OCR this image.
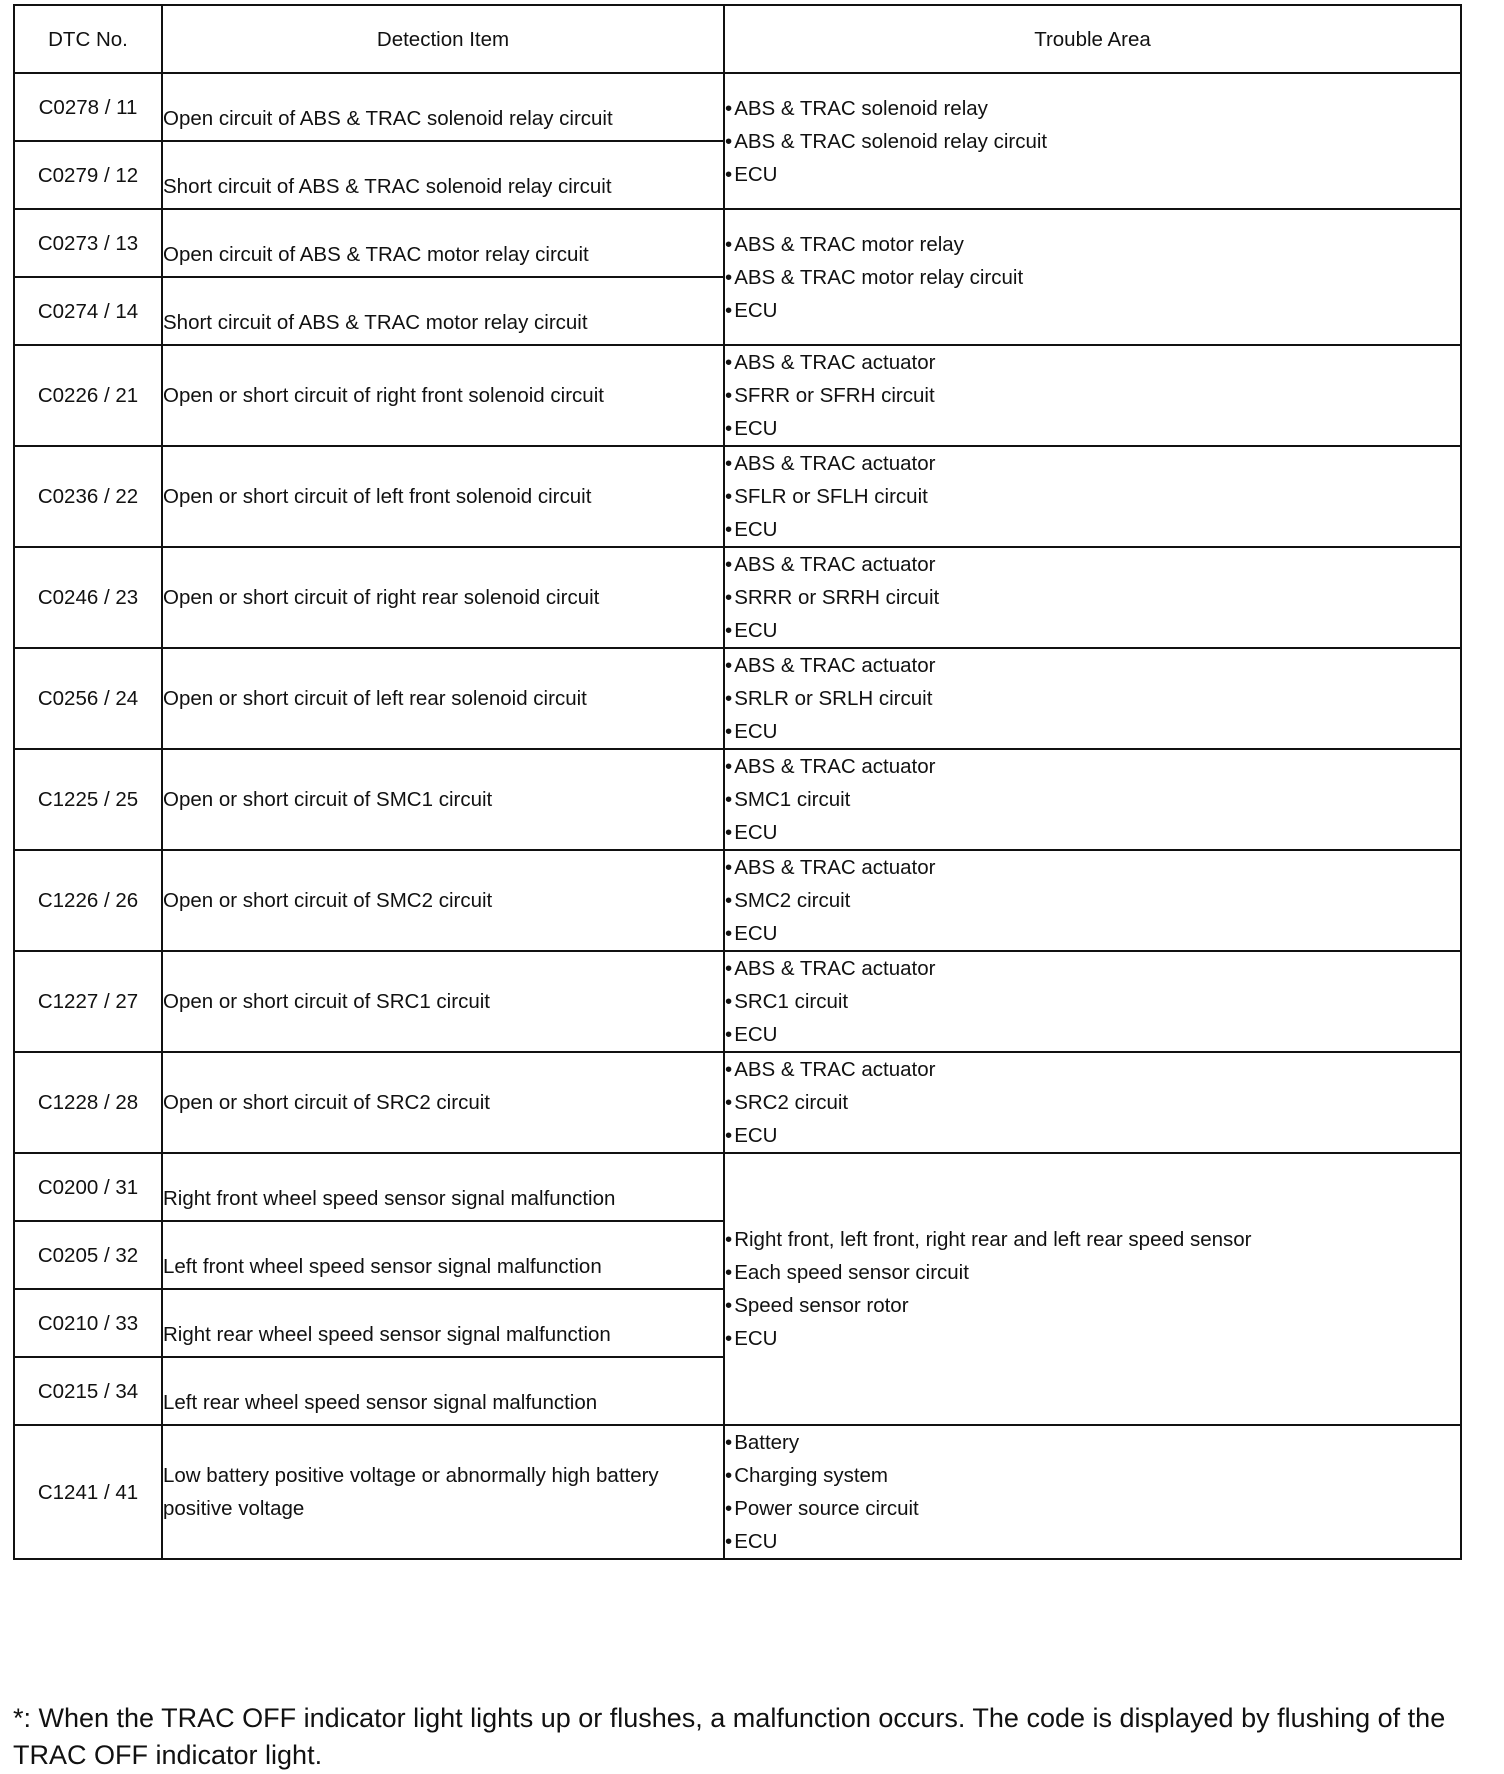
DTC No.	Detection Item	Trouble Area
C0278 / 11	Open circuit of ABS & TRAC solenoid relay circuit	• ABS & TRAC solenoid relay
• ABS & TRAC solenoid relay circuit
• ECU

C0279 / 12	Short circuit of ABS & TRAC solenoid relay circuit	
C0273 / 13	Open circuit of ABS & TRAC motor relay circuit	• ABS & TRAC motor relay
• ABS & TRAC motor relay circuit
• ECU

C0274 / 14	Short circuit of ABS & TRAC motor relay circuit	
C0226 / 21	Open or short circuit of right front solenoid circuit	• ABS & TRAC actuator
• SFRR or SFRH circuit
• ECU

C0236 / 22	Open or short circuit of left front solenoid circuit	• ABS & TRAC actuator
• SFLR or SFLH circuit
• ECU

C0246 / 23	Open or short circuit of right rear solenoid circuit	• ABS & TRAC actuator
• SRRR or SRRH circuit
• ECU

C0256 / 24	Open or short circuit of left rear solenoid circuit	• ABS & TRAC actuator
• SRLR or SRLH circuit
• ECU

C1225 / 25	Open or short circuit of SMC1 circuit	• ABS & TRAC actuator
• SMC1 circuit
• ECU

C1226 / 26	Open or short circuit of SMC2 circuit	• ABS & TRAC actuator
• SMC2 circuit
• ECU

C1227 / 27	Open or short circuit of SRC1 circuit	• ABS & TRAC actuator
• SRC1 circuit
• ECU

C1228 / 28	Open or short circuit of SRC2 circuit	• ABS & TRAC actuator
• SRC2 circuit
• ECU

C0200 / 31	Right front wheel speed sensor signal malfunction	• Right front, left front, right rear and left rear speed sensor
• Each speed sensor circuit
• Speed sensor rotor
• ECU

C0205 / 32	Left front wheel speed sensor signal malfunction	
C0210 / 33	Right rear wheel speed sensor signal malfunction	
C0215 / 34	Left rear wheel speed sensor signal malfunction	
C1241 / 41	Low battery positive voltage or abnormally high battery positive voltage	• Battery
• Charging system
• Power source circuit
• ECU
*: When the TRAC OFF indicator light lights up or flushes, a malfunction occurs. The code is displayed by flushing of the TRAC OFF indicator light.
